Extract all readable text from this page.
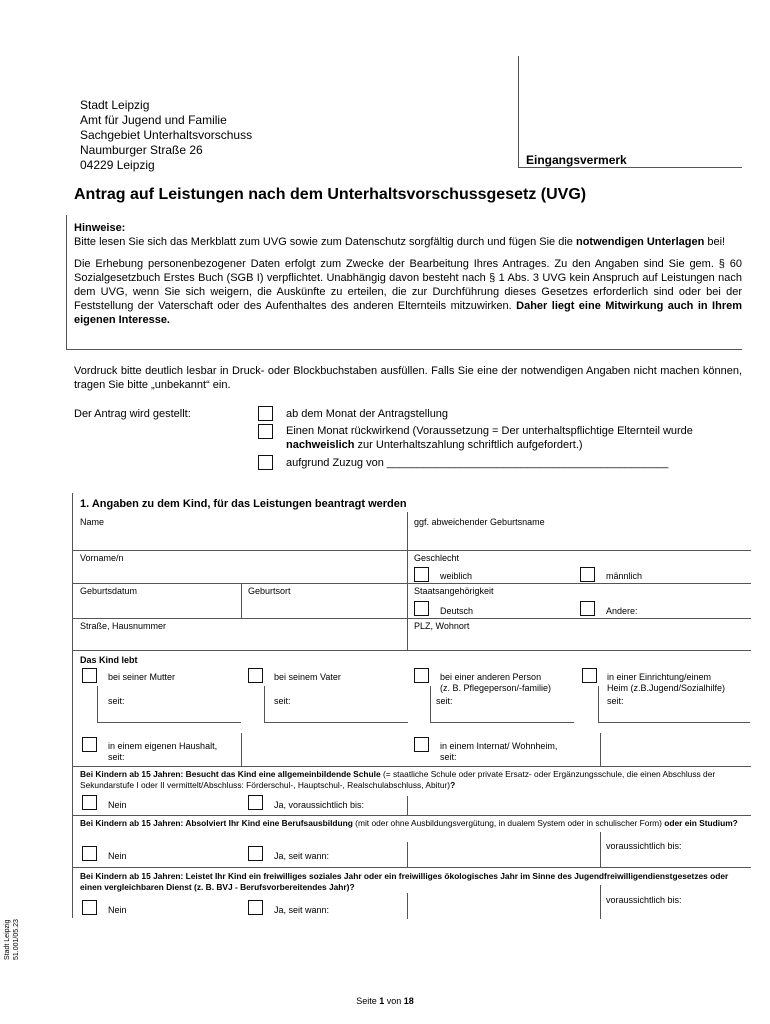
Eingangsvermerk
Stadt Leipzig
Amt für Jugend und Familie
Sachgebiet Unterhaltsvorschuss
Naumburger Straße 26
04229 Leipzig
Antrag auf Leistungen nach dem Unterhaltsvorschussgesetz (UVG)
Hinweise:
Bitte lesen Sie sich das Merkblatt zum UVG sowie zum Datenschutz sorgfältig durch und fügen Sie die notwendigen Unterlagen bei!
Die Erhebung personenbezogener Daten erfolgt zum Zwecke der Bearbeitung Ihres Antrages. Zu den Angaben sind Sie gem. § 60 Sozialgesetzbuch Erstes Buch (SGB I) verpflichtet. Unabhängig davon besteht nach § 1 Abs. 3 UVG kein Anspruch auf Leistungen nach dem UVG, wenn Sie sich weigern, die Auskünfte zu erteilen, die zur Durchführung dieses Gesetzes erforderlich sind oder bei der Feststellung der Vaterschaft oder des Aufenthaltes des anderen Elternteils mitzuwirken. Daher liegt eine Mitwirkung auch in Ihrem eigenen Interesse.
Vordruck bitte deutlich lesbar in Druck- oder Blockbuchstaben ausfüllen. Falls Sie eine der notwendigen Angaben nicht machen können, tragen Sie bitte „unbekannt“ ein.
Der Antrag wird gestellt:	ab dem Monat der Antragstellung
Einen Monat rückwirkend (Voraussetzung = Der unterhaltspflichtige Elternteil wurde nachweislich zur Unterhaltszahlung schriftlich aufgefordert.)
aufgrund Zuzug von ______________________________________________
1. Angaben zu dem Kind, für das Leistungen beantragt werden
Name	ggf. abweichender Geburtsname
Vorname/n	Geschlecht
weiblich	männlich
Geburtsdatum	Geburtsort	Staatsangehörigkeit
Deutsch	Andere:
Straße, Hausnummer	PLZ, Wohnort
Das Kind lebt
bei seiner Mutter
seit:
bei seinem Vater
seit:
bei einer anderen Person
(z. B. Pflegeperson/-familie)
seit:
in einer Einrichtung/einem
Heim (z.B.Jugend/Sozialhilfe)
seit:
in einem eigenen Haushalt,
seit:
in einem Internat/ Wohnheim,
seit:
Bei Kindern ab 15 Jahren: Besucht das Kind eine allgemeinbildende Schule (= staatliche Schule oder private Ersatz- oder Ergänzungsschule, die einen Abschluss der Sekundarstufe I oder II vermittelt/Abschluss: Förderschul-, Hauptschul-, Realschulabschluss, Abitur)?
Nein	Ja, voraussichtlich bis:
Bei Kindern ab 15 Jahren: Absolviert Ihr Kind eine Berufsausbildung (mit oder ohne Ausbildungsvergütung, in dualem System oder in schulischer Form) oder ein Studium?
Nein	Ja, seit wann:
voraussichtlich bis:
Bei Kindern ab 15 Jahren: Leistet Ihr Kind ein freiwilliges soziales Jahr oder ein freiwilliges ökologisches Jahr im Sinne des Jugendfreiwilligendienstgesetzes oder einen vergleichbaren Dienst (z. B. BVJ - Berufsvorbereitendes Jahr)?
Nein	Ja, seit wann:
voraussichtlich bis:
Stadt Leipzig 51.001/05.23
Seite 1 von 18
